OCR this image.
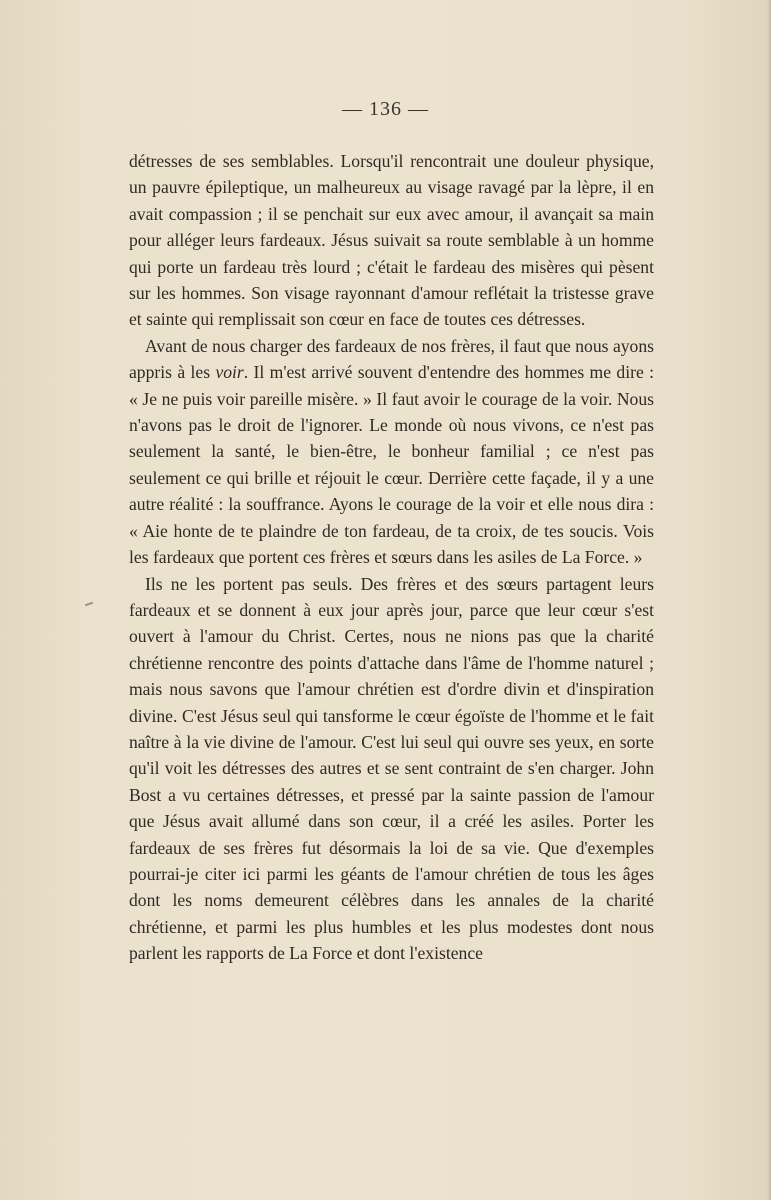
— 136 —

détresses de ses semblables. Lorsqu'il rencontrait une douleur physique, un pauvre épileptique, un malheureux au visage ravagé par la lèpre, il en avait compassion ; il se penchait sur eux avec amour, il avançait sa main pour alléger leurs fardeaux. Jésus suivait sa route semblable à un homme qui porte un fardeau très lourd ; c'était le fardeau des misères qui pèsent sur les hommes. Son visage rayonnant d'amour reflétait la tristesse grave et sainte qui remplissait son cœur en face de toutes ces détresses.

Avant de nous charger des fardeaux de nos frères, il faut que nous ayons appris à les voir. Il m'est arrivé souvent d'entendre des hommes me dire : « Je ne puis voir pareille misère. » Il faut avoir le courage de la voir. Nous n'avons pas le droit de l'ignorer. Le monde où nous vivons, ce n'est pas seulement la santé, le bien-être, le bonheur familial ; ce n'est pas seulement ce qui brille et réjouit le cœur. Derrière cette façade, il y a une autre réalité : la souffrance. Ayons le courage de la voir et elle nous dira : « Aie honte de te plaindre de ton fardeau, de ta croix, de tes soucis. Vois les fardeaux que portent ces frères et sœurs dans les asiles de La Force. »

Ils ne les portent pas seuls. Des frères et des sœurs partagent leurs fardeaux et se donnent à eux jour après jour, parce que leur cœur s'est ouvert à l'amour du Christ. Certes, nous ne nions pas que la charité chrétienne rencontre des points d'attache dans l'âme de l'homme naturel ; mais nous savons que l'amour chrétien est d'ordre divin et d'inspiration divine. C'est Jésus seul qui tansforme le cœur égoïste de l'homme et le fait naître à la vie divine de l'amour. C'est lui seul qui ouvre ses yeux, en sorte qu'il voit les détresses des autres et se sent contraint de s'en charger. John Bost a vu certaines détresses, et pressé par la sainte passion de l'amour que Jésus avait allumé dans son cœur, il a créé les asiles. Porter les fardeaux de ses frères fut désormais la loi de sa vie. Que d'exemples pourrai-je citer ici parmi les géants de l'amour chrétien de tous les âges dont les noms demeurent célèbres dans les annales de la charité chrétienne, et parmi les plus humbles et les plus modestes dont nous parlent les rapports de La Force et dont l'existence
